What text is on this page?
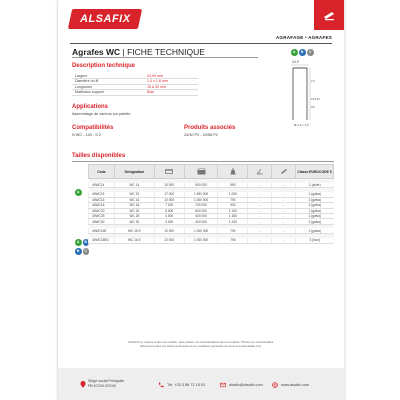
ALSAFIX
AGRAFAGE • AGRAFES
Agrafes WC | FICHE TECHNIQUE	A	B	C
Description technique
Largeur	24,90 mm
Diamètre du fil	1,4 x 1,6 mm
Longueurs	15 à 30 mm
Matériaux support	Bois
24,9
2,3
15 à 30
0,9
Ø 1,4 x 1,6
Applications
Assemblage de cartons sur palette
Compatibilités
N WC - 140 - S 2
Produits associés
24/30 P2 - 24/58 P2
Tailles disponibles
A
A	B
B	C
Code	Désignation						Classe EUROCODE 5

44WC14	WC 14	10 000	900 000	690	-	-	1 (acier)

44WC15	WC 15	17 000	1 690 000	1 050	-	-	2 (galva)
44WC16	WC 16	10 000	1 000 000	794	-	-	2 (galva)
44WC18	WC 18	7 000	700 000	930	-	-	2 (galva)
44WC20	WC 20	6 000	600 000	1 100	-	-	2 (galva)
44WC25	WC 25	4 000	400 000	1 180	-	-	2 (galva)
44WC30	WC 30	4 000	400 000	1 240	-	-	2 (galva)

44WC16E	WC 16 E	10 000	1 000 000	794	-	-	2 (galva)

44WC16ED	WC 16 E	10 000	1 000 000	795	-	-	3 (inox)
ALSAFIX se réserve le droit de modifier, sans préavis, les caractéristiques de ses produits. Photos non contractuelles.
Retrouvez toutes nos fiches techniques et nos conditions générales de vente sur www.alsafix.com.
Siège social Principale
PB 67240 CROIX	Tél. +33 3 88 72 15 51	alsafix@alsafix.com	www.alsafix.com
